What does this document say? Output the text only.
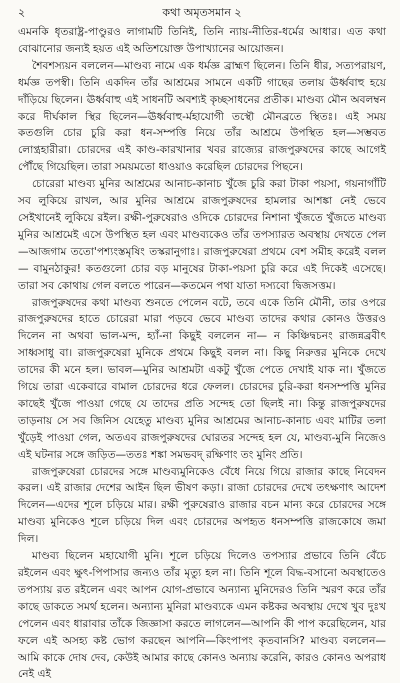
২	কথা অমৃতসমান ২

এমনকি ধৃতরাষ্ট্র-পাণ্ডুরও লাগামটি তিনিই, তিনি ন্যায়-নীতির-ধর্মের আধার। এত কথা বোঝানোর জন্যই হয়ত এই অতিশয়োক্ত উপাখ্যানের আয়োজন।

শৈবশস্যয়ন বললেন—মাণ্ডব্য নামে এক ধর্মজ্ঞ ব্রাহ্মণ ছিলেন। তিনি ধীর, সত্যপরায়ণ, ধর্মজ্ঞ তপস্বী। তিনি একদিন তাঁর আশ্রমের সামনে একটি গাছের তলায় ঊর্ধ্ববাহু হয়ে দাঁড়িয়ে ছিলেন। ঊর্ধ্ববাহু এই সাধনটি অবশ্যই কৃচ্ছসাধনের প্রতীক। মাণ্ডব্য মৌন অবলম্বন করে দীর্ঘকাল স্থির ছিলেন—ঊর্ধ্ববাহু-র্মহাযোগী তস্থৌ মৌনব্রতে স্থিতঃ। এই সময় কতগুলি চোর চুরি করা ধন-সম্পত্তি নিয়ে তাঁর আশ্রমে উপস্থিত হল—সম্ভবত লোপ্ত্রহারীরা। চোরদের এই কাণ্ড-কারখানার খবর রাজ্যের রাজপুরুষদের কাছে আগেই পৌঁছে গিয়েছিল। তারা সময়মতো ধাওয়াও করেছিল চোরদের পিছনে।

চোরেরা মাণ্ডব্য মুনির আশ্রমের আনাচ-কানাচ খুঁজে চুরি করা টাকা পয়সা, গয়নাগাঁটি সব লুকিয়ে রাখল, আর মুনির আশ্রমে রাজপুরুষদের হামলার আশঙ্কা নেই ভেবে সেইখানেই লুকিয়ে রইল। রক্ষী-পুরুষেরাও ওদিকে চোরদের নিশানা খুঁজতে খুঁজতে মাণ্ডব্য মুনির আশ্রমেই এসে উপস্থিত হল এবং মাণ্ডব্যকেও তাঁর তপস্যারত অবস্থায় দেখতে পেল—আজগাম ততো'পশ্যংস্তমৃষিং তস্করানুগাঃ। রাজপুরুষেরা প্রথমে বেশ সমীহ করেই বলল— বামুনঠাকুর! কতগুলো চোর বড় মানুষের টাকা-পয়সা চুরি করে এই দিকেই এসেছে। তারা সব কোথায় গেল বলতে পারেন—কতমেন পথা যাতা দস্যবো দ্বিজসত্তম।

রাজপুরুষদের কথা মাণ্ডব্য শুনতে পেলেন বটে, তবে একে তিনি মৌনী, তার ওপরে রাজপুরুষদের হাতে চোরেরা মারা পড়বে ভেবে মাণ্ডব্য তাদের কথার কোনও উত্তরও দিলেন না অথবা ভাল-মন্দ, হ্যাঁ-না কিছুই বললেন না— ন কিঞ্চিদ্বচনং রাজন্নব্রবীৎ সাধ্বসাধু বা। রাজপুরুষেরা মুনিকে প্রথমে কিছুই বলল না। কিছু নিরুত্তর মুনিকে দেখে তাদের কী মনে হল। ভাবল—মুনির আশ্রমটা একটু খুঁজে পেতে দেখাই যাক না। খুঁজতে গিয়ে তারা একেবারে বামাল চোরদের ধরে ফেলল। চোরদের চুরি-করা ধনসম্পত্তি মুনির কাছেই খুঁজে পাওয়া গেছে যে তাদের প্রতি সন্দেহ তো ছিলই না। কিন্তু রাজপুরুষদের তাড়নায় সে সব জিনিস যেহেতু মাণ্ডব্য মুনির আশ্রমের আনাচ-কানাচ এবং মাটির তলা খুঁড়েই পাওয়া গেল, অতএব রাজপুরুষদের ঘোরতর সন্দেহ হল যে, মাণ্ডব্য-মুনি নিজেও এই ঘটনার সঙ্গে জড়িত—ততঃ শঙ্কা সমভবদ্ রক্ষিণাং তং মুনিং প্রতি।

রাজপুরুষেরা চোরদের সঙ্গে মাণ্ডব্যমুনিকেও বেঁধে নিয়ে গিয়ে রাজার কাছে নিবেদন করল। এই রাজার দেশের আইন ছিল ভীষণ কড়া। রাজা চোরদের দেখে তৎক্ষণাৎ আদেশ দিলেন—এদের শূলে চড়িয়ে মার। রক্ষী পুরুষেরাও রাজার বচন মান্য করে চোরদের সঙ্গে মাণ্ডব্য মুনিকেও শূলে চড়িয়ে দিল এবং চোরদের অপহৃত ধনসম্পত্তি রাজকোষে জমা দিল।

মাণ্ডব্য ছিলেন মহাযোগী মুনি। শূলে চড়িয়ে দিলেও তপস্যার প্রভাবে তিনি বেঁচে রইলেন এবং ক্ষুৎ-পিপাসার জন্যও তাঁর মৃত্যু হল না। তিনি শূলে বিদ্ধ-বসানো অবস্থাতেও তপস্যায় রত রইলেন এবং আপন যোগ-প্রভাবে অন্যান্য মুনিদেরও তিনি স্মরণ করে তাঁর কাছে ডাকতে সমর্থ হলেন। অন্যান্য মুনিরা মাণ্ডব্যকে এমন কষ্টকর অবস্থায় দেখে খুব দুঃখ পেলেন এবং ধারাবার তাঁকে জিজ্ঞাসা করতে লাগলেন—আপনি কী পাপ করেছিলেন, যার ফলে এই অসহ্য কষ্ট ভোগ করছেন আপনি—কিংপাপং কৃতবানসি? মাণ্ডব্য বললেন—আমি কাকে দোষ দেব, কেউই আমার কাছে কোনও অন্যায় করেনি, কারও কোনও অপরাধ নেই এই
